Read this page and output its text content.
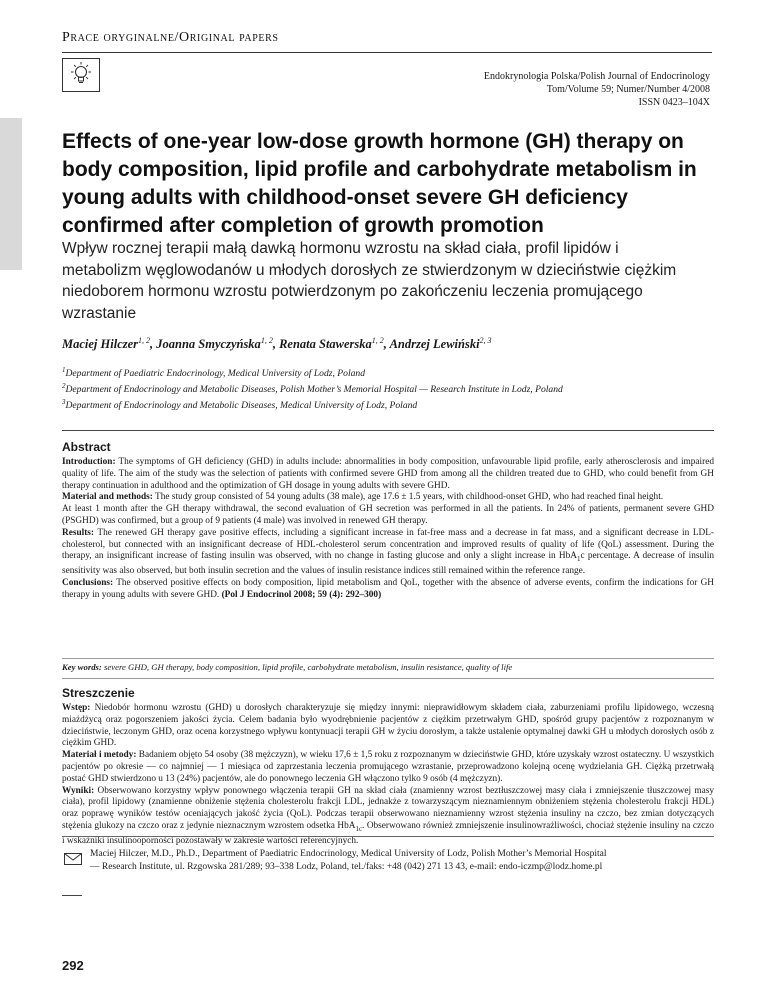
Prace oryginalne/Original papers
Endokrynologia Polska/Polish Journal of Endocrinology
Tom/Volume 59; Numer/Number 4/2008
ISSN 0423–104X
Effects of one-year low-dose growth hormone (GH) therapy on body composition, lipid profile and carbohydrate metabolism in young adults with childhood-onset severe GH deficiency confirmed after completion of growth promotion

Wpływ rocznej terapii małą dawką hormonu wzrostu na skład ciała, profil lipidów i metabolizm węglowodanów u młodych dorosłych ze stwierdzonym w dzieciństwie ciężkim niedoborem hormonu wzrostu potwierdzonym po zakończeniu leczenia promującego wzrastanie

Maciej Hilczer$^{1, 2}$, Joanna Smyczyńska$^{1, 2}$, Renata Stawerska$^{1, 2}$, Andrzej Lewiński$^{2, 3}$
$^1$Department of Paediatric Endocrinology, Medical University of Lodz, Poland
$^2$Department of Endocrinology and Metabolic Diseases, Polish Mother’s Memorial Hospital — Research Institute in Lodz, Poland
$^3$Department of Endocrinology and Metabolic Diseases, Medical University of Lodz, Poland
Abstract

Introduction: The symptoms of GH deficiency (GHD) in adults include: abnormalities in body composition, unfavourable lipid profile, early atherosclerosis and impaired quality of life. The aim of the study was the selection of patients with confirmed severe GHD from among all the children treated due to GHD, who could benefit from GH therapy continuation in adulthood and the optimization of GH dosage in young adults with severe GHD.

Material and methods: The study group consisted of 54 young adults (38 male), age 17.6 ± 1.5 years, with childhood-onset GHD, who had reached final height.

At least 1 month after the GH therapy withdrawal, the second evaluation of GH secretion was performed in all the patients. In 24% of patients, permanent severe GHD (PSGHD) was confirmed, but a group of 9 patients (4 male) was involved in renewed GH therapy.

Results: The renewed GH therapy gave positive effects, including a significant increase in fat-free mass and a decrease in fat mass, and a significant decrease in LDL-cholesterol, but connected with an insignificant decrease of HDL-cholesterol serum concentration and improved results of quality of life (QoL) assessment. During the therapy, an insignificant increase of fasting insulin was observed, with no change in fasting glucose and only a slight increase in HbA$_1$c percentage. A decrease of insulin sensitivity was also observed, but both insulin secretion and the values of insulin resistance indices still remained within the reference range.

Conclusions: The observed positive effects on body composition, lipid metabolism and QoL, together with the absence of adverse events, confirm the indications for GH therapy in young adults with severe GHD. (Pol J Endocrinol 2008; 59 (4): 292–300)

Key words: severe GHD, GH therapy, body composition, lipid profile, carbohydrate metabolism, insulin resistance, quality of life
Streszczenie

Wstęp: Niedobór hormonu wzrostu (GHD) u dorosłych charakteryzuje się między innymi: nieprawidłowym składem ciała, zaburzeniami profilu lipidowego, wczesną miażdżycą oraz pogorszeniem jakości życia. Celem badania było wyodrębnienie pacjentów z ciężkim przetrwałym GHD, spośród grupy pacjentów z rozpoznanym w dzieciństwie, leczonym GHD, oraz ocena korzystnego wpływu kontynuacji terapii GH w życiu dorosłym, a także ustalenie optymalnej dawki GH u młodych dorosłych osób z ciężkim GHD.

Materiał i metody: Badaniem objęto 54 osoby (38 mężczyzn), w wieku 17,6 ± 1,5 roku z rozpoznanym w dzieciństwie GHD, które uzyskały wzrost ostateczny. U wszystkich pacjentów po okresie — co najmniej — 1 miesiąca od zaprzestania leczenia promującego wzrastanie, przeprowadzono kolejną ocenę wydzielania GH. Ciężką przetrwałą postać GHD stwierdzono u 13 (24%) pacjentów, ale do ponownego leczenia GH włączono tylko 9 osób (4 mężczyzn).

Wyniki: Obserwowano korzystny wpływ ponownego włączenia terapii GH na skład ciała (znamienny wzrost beztłuszczowej masy ciała i zmniejszenie tłuszczowej masy ciała), profil lipidowy (znamienne obniżenie stężenia cholesterolu frakcji LDL, jednakże z towarzyszącym nieznamiennym obniżeniem stężenia cholesterolu frakcji HDL) oraz poprawę wyników testów oceniających jakość życia (QoL). Podczas terapii obserwowano nieznamienny wzrost stężenia insuliny na czczo, bez zmian dotyczących stężenia glukozy na czczo oraz z jedynie nieznacznym wzrostem odsetka HbA$_{1c}$. Obserwowano również zmniejszenie insulinowrażliwości, chociaż stężenie insuliny na czczo i wskaźniki insulinooporności pozostawały w zakresie wartości referencyjnych.

Maciej Hilczer, M.D., Ph.D., Department of Paediatric Endocrinology, Medical University of Lodz, Polish Mother’s Memorial Hospital
— Research Institute, ul. Rzgowska 281/289; 93–338 Lodz, Poland, tel./faks: +48 (042) 271 13 43, e-mail: endo-iczmp@lodz.home.pl
292
